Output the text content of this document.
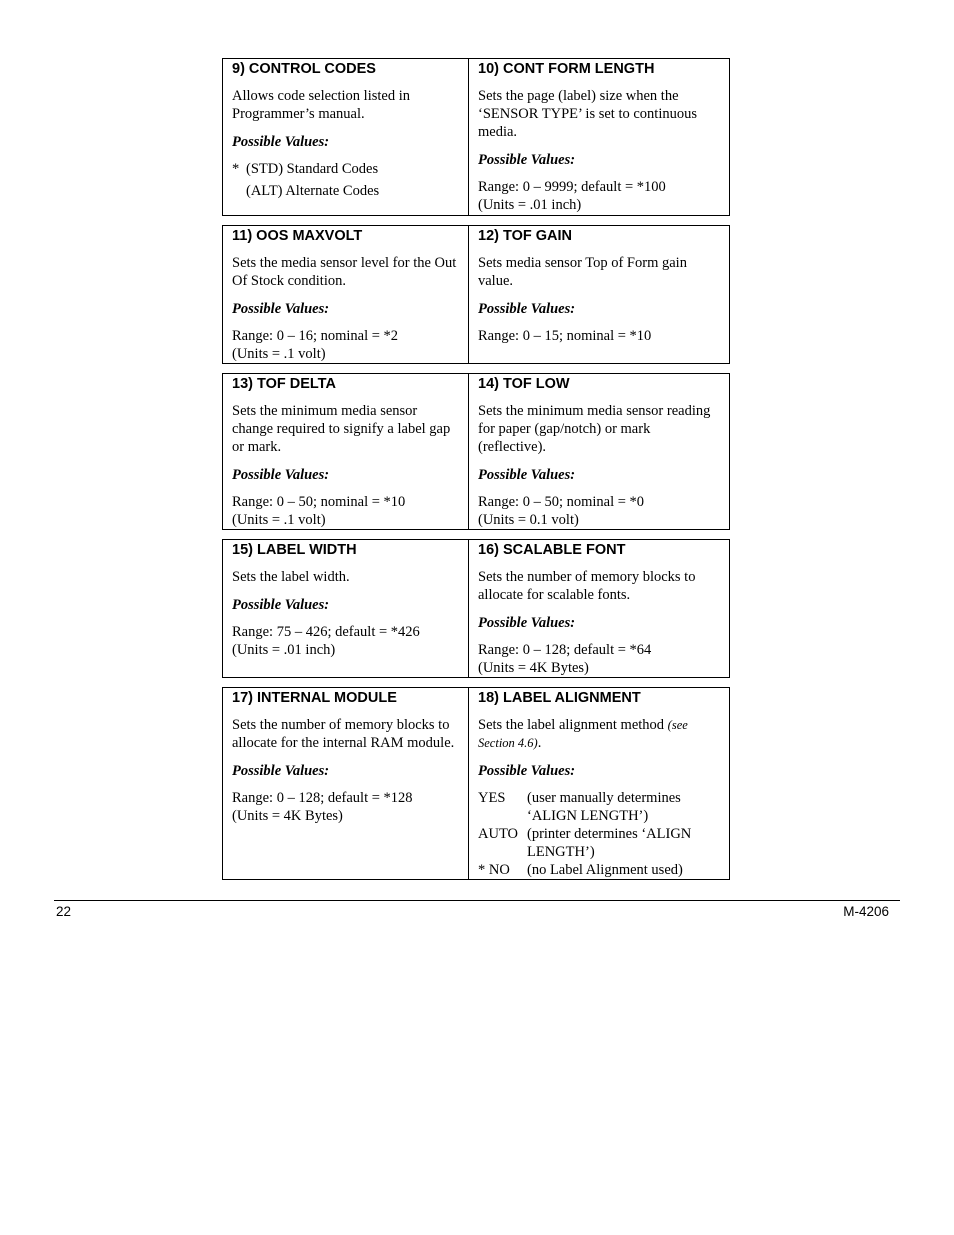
9) CONTROL CODES
Allows code selection listed in Programmer’s manual.
Possible Values:
* (STD) Standard Codes
(ALT) Alternate Codes
10) CONT FORM LENGTH
Sets the page (label) size when the ‘SENSOR TYPE’ is set to continuous media.
Possible Values:
Range: 0 – 9999; default = *100
(Units = .01 inch)
11) OOS MAXVOLT
Sets the media sensor level for the Out Of Stock condition.
Possible Values:
Range: 0 – 16; nominal = *2
(Units = .1 volt)
12) TOF GAIN
Sets media sensor Top of Form gain value.
Possible Values:
Range: 0 – 15; nominal = *10
13) TOF DELTA
Sets the minimum media sensor change required to signify a label gap or mark.
Possible Values:
Range: 0 – 50; nominal = *10
(Units = .1 volt)
14) TOF LOW
Sets the minimum media sensor reading for paper (gap/notch) or mark (reflective).
Possible Values:
Range: 0 – 50; nominal = *0
(Units = 0.1 volt)
15) LABEL WIDTH
Sets the label width.
Possible Values:
Range: 75 – 426; default = *426
(Units = .01 inch)
16) SCALABLE FONT
Sets the number of memory blocks to allocate for scalable fonts.
Possible Values:
Range: 0 – 128; default = *64
(Units = 4K Bytes)
17) INTERNAL MODULE
Sets the number of memory blocks to allocate for the internal RAM module.
Possible Values:
Range: 0 – 128; default = *128
(Units = 4K Bytes)
18) LABEL ALIGNMENT
Sets the label alignment method (see Section 4.6).
Possible Values:
YES	(user manually determines ‘ALIGN LENGTH’)
AUTO (printer determines ‘ALIGN LENGTH’)
* NO	(no Label Alignment used)
22	M-4206
